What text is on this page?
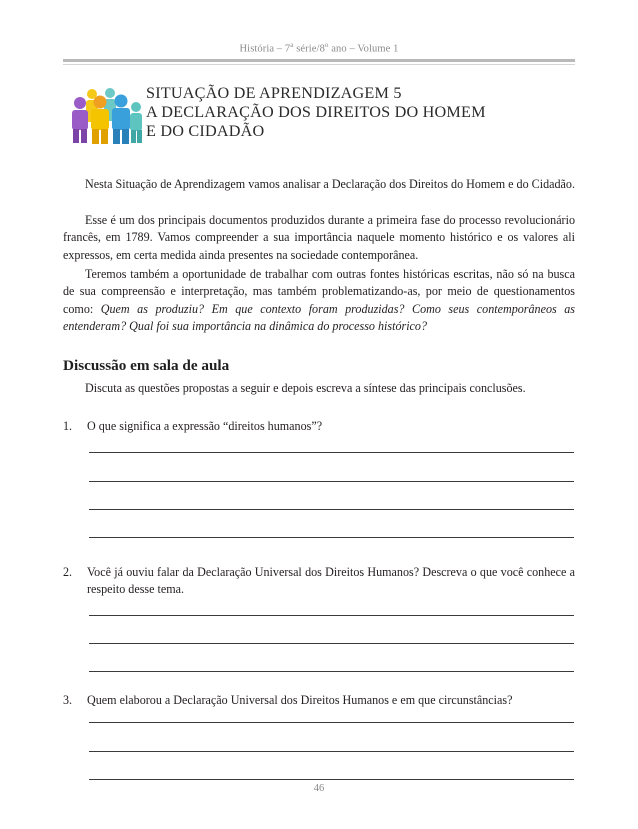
História – 7$^a$ série/8$^o$ ano – Volume 1
SITUAÇÃO DE APRENDIZAGEM 5
A DECLARAÇÃO DOS DIREITOS DO HOMEM
E DO CIDADÃO
Nesta Situação de Aprendizagem vamos analisar a Declaração dos Direitos do Homem e do Cidadão.
Esse é um dos principais documentos produzidos durante a primeira fase do processo revolucionário francês, em 1789. Vamos compreender a sua importância naquele momento histórico e os valores ali expressos, em certa medida ainda presentes na sociedade contemporânea.
Teremos também a oportunidade de trabalhar com outras fontes históricas escritas, não só na busca de sua compreensão e interpretação, mas também problematizando-as, por meio de questionamentos como: Quem as produziu? Em que contexto foram produzidas? Como seus contemporâneos as entenderam? Qual foi sua importância na dinâmica do processo histórico?
Discussão em sala de aula
Discuta as questões propostas a seguir e depois escreva a síntese das principais conclusões.
1. O que significa a expressão “direitos humanos”?
2. Você já ouviu falar da Declaração Universal dos Direitos Humanos? Descreva o que você conhece a respeito desse tema.
3. Quem elaborou a Declaração Universal dos Direitos Humanos e em que circunstâncias?
46
